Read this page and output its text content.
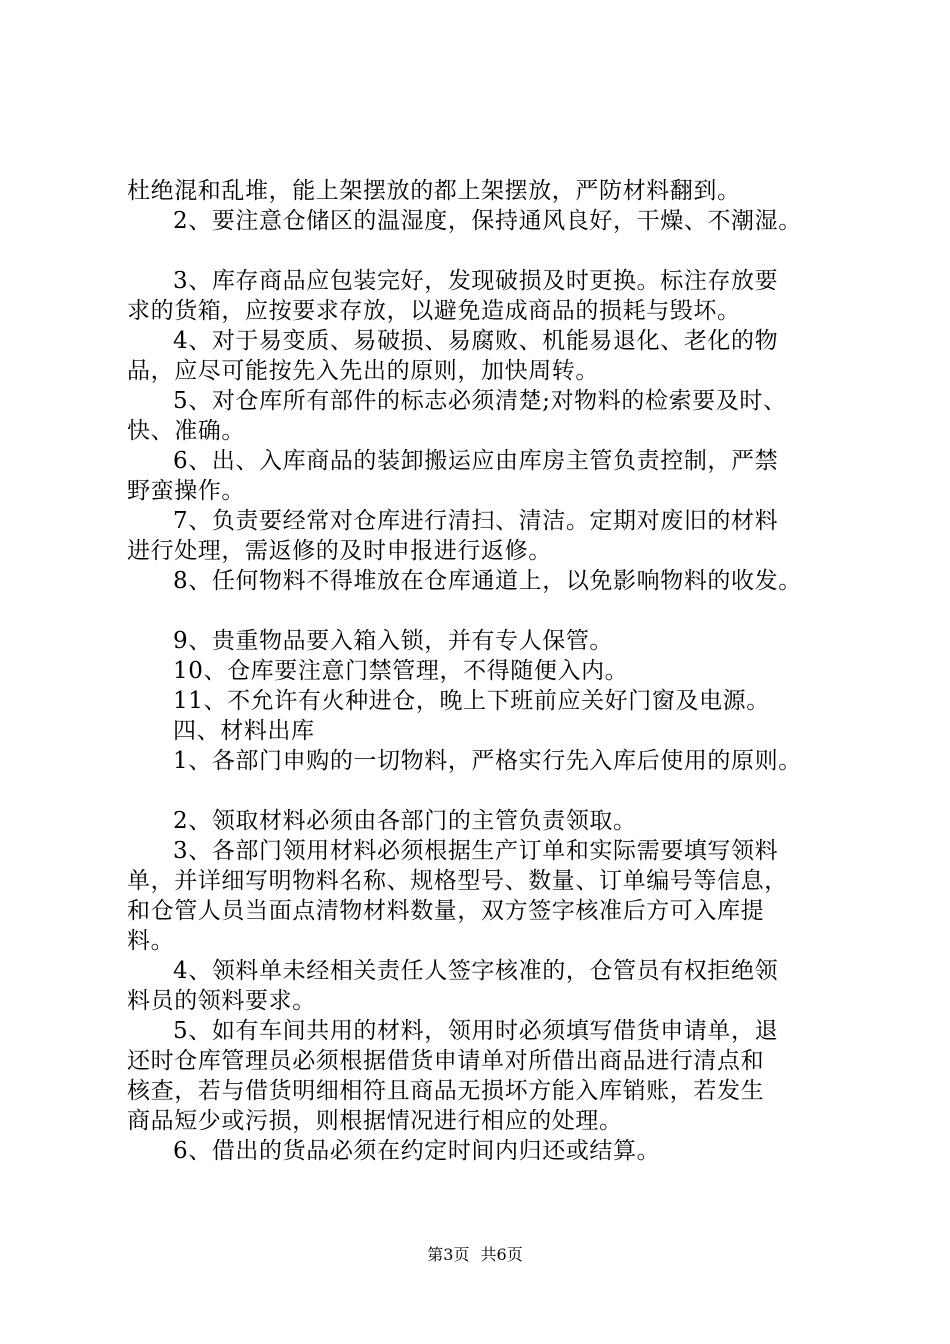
杜绝混和乱堆，能上架摆放的都上架摆放，严防材料翻到。
2、要注意仓储区的温湿度，保持通风良好，干燥、不潮湿。
3、库存商品应包装完好，发现破损及时更换。标注存放要
求的货箱，应按要求存放，以避免造成商品的损耗与毁坏。
4、对于易变质、易破损、易腐败、机能易退化、老化的物
品，应尽可能按先入先出的原则，加快周转。
5、对仓库所有部件的标志必须清楚;对物料的检索要及时、
快、准确。
6、出、入库商品的装卸搬运应由库房主管负责控制，严禁
野蛮操作。
7、负责要经常对仓库进行清扫、清洁。定期对废旧的材料
进行处理，需返修的及时申报进行返修。
8、任何物料不得堆放在仓库通道上，以免影响物料的收发。
9、贵重物品要入箱入锁，并有专人保管。
10、仓库要注意门禁管理，不得随便入内。
11、不允许有火种进仓，晚上下班前应关好门窗及电源。
四、材料出库
1、各部门申购的一切物料，严格实行先入库后使用的原则。
2、领取材料必须由各部门的主管负责领取。
3、各部门领用材料必须根据生产订单和实际需要填写领料
单，并详细写明物料名称、规格型号、数量、订单编号等信息，
和仓管人员当面点清物材料数量，双方签字核准后方可入库提
料。
4、领料单未经相关责任人签字核准的，仓管员有权拒绝领
料员的领料要求。
5、如有车间共用的材料，领用时必须填写借货申请单，退
还时仓库管理员必须根据借货申请单对所借出商品进行清点和
核查，若与借货明细相符且商品无损坏方能入库销账，若发生
商品短少或污损，则根据情况进行相应的处理。
6、借出的货品必须在约定时间内归还或结算。
第3页 共6页
